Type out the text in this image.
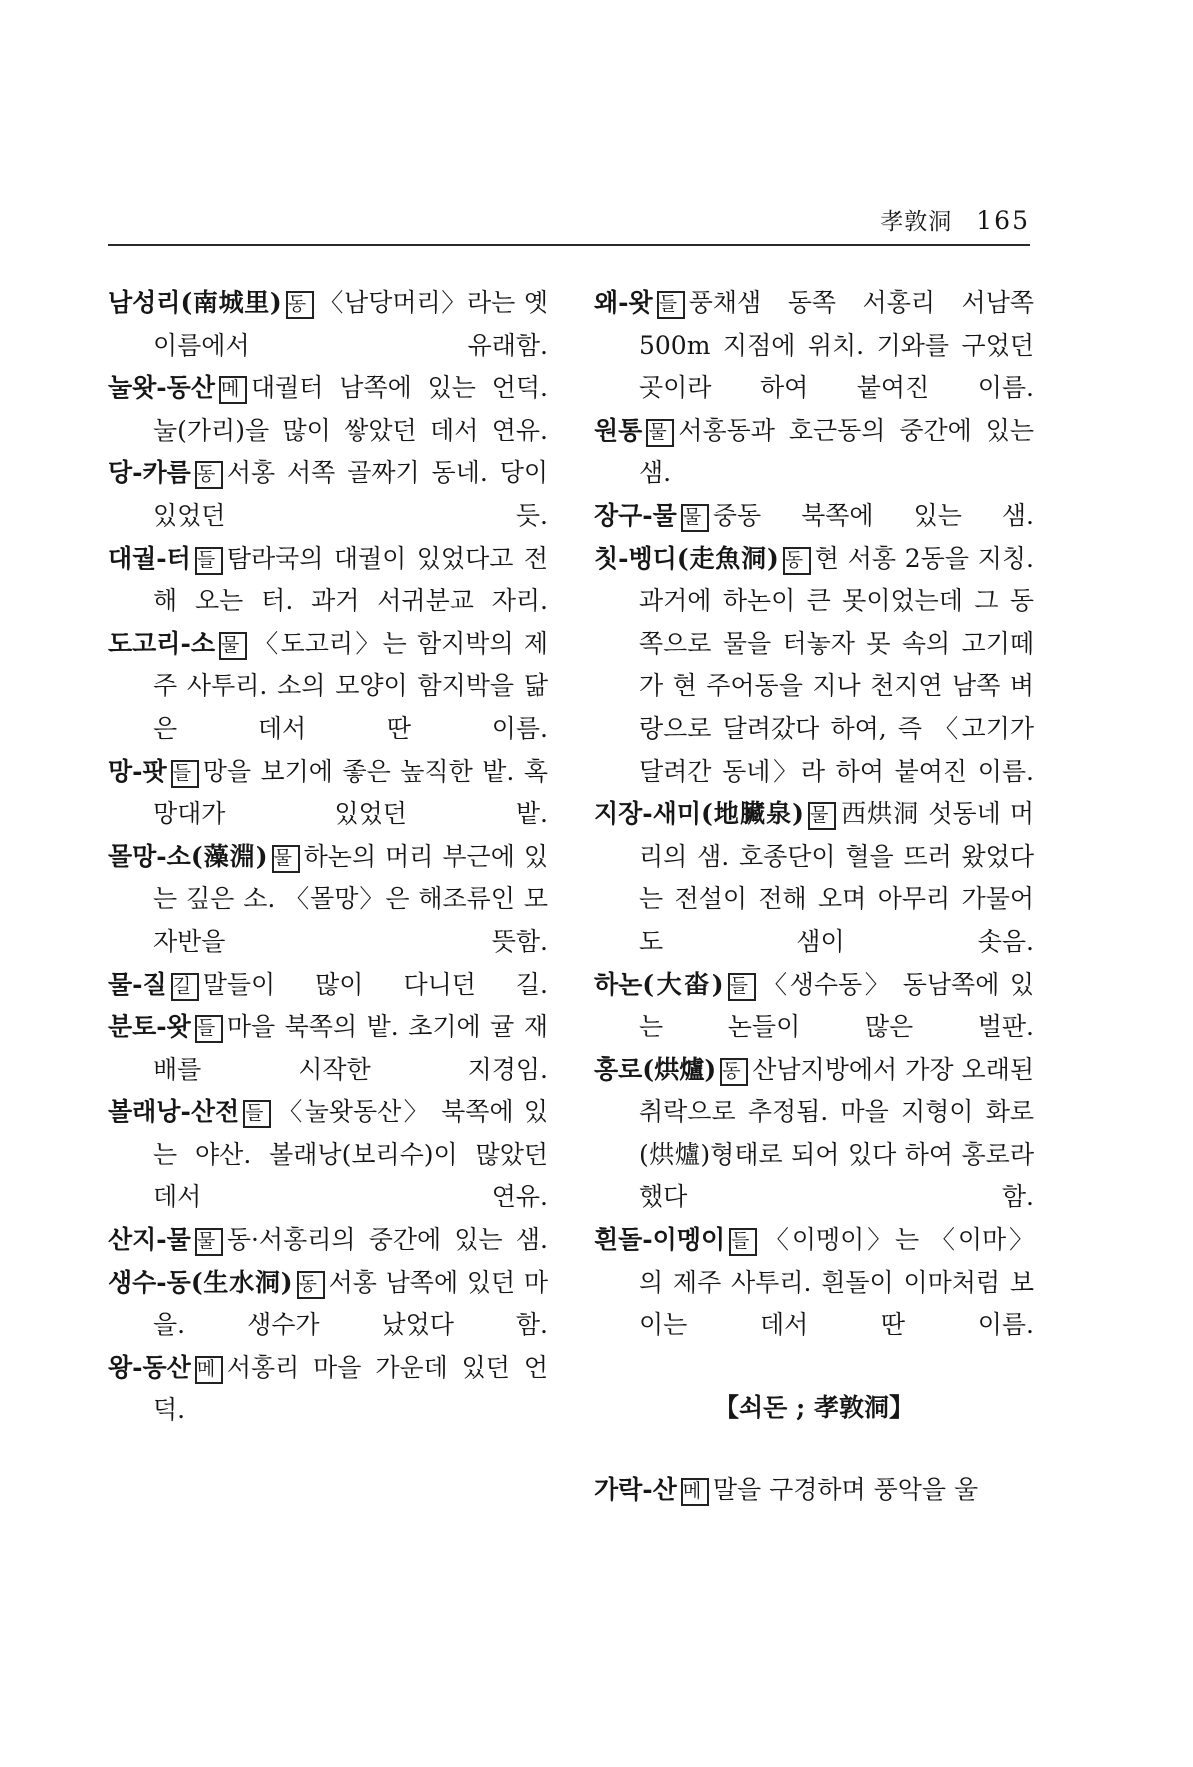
孝敦洞 165
남성리(南城里) 동 〈남당머리〉라는 옛이름에서 유래함.
눌왓-동산 메 대궐터 남쪽에 있는 언덕. 눌(가리)을 많이 쌓았던 데서 연유.
당-카름 동 서홍 서쪽 골짜기 동네. 당이 있었던 듯.
대궐-터 들 탐라국의 대궐이 있었다고 전해 오는 터. 과거 서귀분교 자리.
도고리-소 물 〈도고리〉는 함지박의 제주 사투리. 소의 모양이 함지박을 닮은 데서 딴 이름.
망-팟 들 망을 보기에 좋은 높직한 밭. 혹 망대가 있었던 밭.
몰망-소(藻淵) 물 하논의 머리 부근에 있는 깊은 소. 〈몰망〉은 해조류인 모자반을 뜻함.
물-질 길 말들이 많이 다니던 길.
분토-왓 들 마을 북쪽의 밭. 초기에 귤 재배를 시작한 지경임.
볼래낭-산전 들 〈눌왓동산〉 북쪽에 있는 야산. 볼래낭(보리수)이 많았던 데서 연유.
산지-물 물 동·서홍리의 중간에 있는 샘.
생수-동(生水洞) 동 서홍 남쪽에 있던 마을. 생수가 났었다 함.
왕-동산 메 서홍리 마을 가운데 있던 언덕.
왜-왓 들 풍채샘 동쪽 서홍리 서남쪽 500m 지점에 위치. 기와를 구었던 곳이라 하여 붙여진 이름.
원통 물 서홍동과 호근동의 중간에 있는 샘.
장구-물 물 중동 북쪽에 있는 샘.
칫-벵디(走魚洞) 동 현 서홍 2동을 지칭. 과거에 하논이 큰 못이었는데 그 동쪽으로 물을 터놓자 못 속의 고기떼가 현 주어동을 지나 천지연 남쪽 벼랑으로 달려갔다 하여, 즉 〈고기가 달려간 동네〉라 하여 붙여진 이름.
지장-새미(地臟泉) 물 西烘洞 섯동네 머리의 샘. 호종단이 혈을 뜨러 왔었다는 전설이 전해 오며 아무리 가물어도 샘이 솟음.
하논(大畓) 들 〈생수동〉 동남쪽에 있는 논들이 많은 벌판.
홍로(烘爐) 동 산남지방에서 가장 오래된 취락으로 추정됨. 마을 지형이 화로(烘爐)형태로 되어 있다 하여 홍로라 했다 함.
흰돌-이멩이 들 〈이멩이〉는 〈이마〉의 제주 사투리. 흰돌이 이마처럼 보이는 데서 딴 이름.
【쇠돈 ; 孝敦洞】
가락-산 메 말을 구경하며 풍악을 울
